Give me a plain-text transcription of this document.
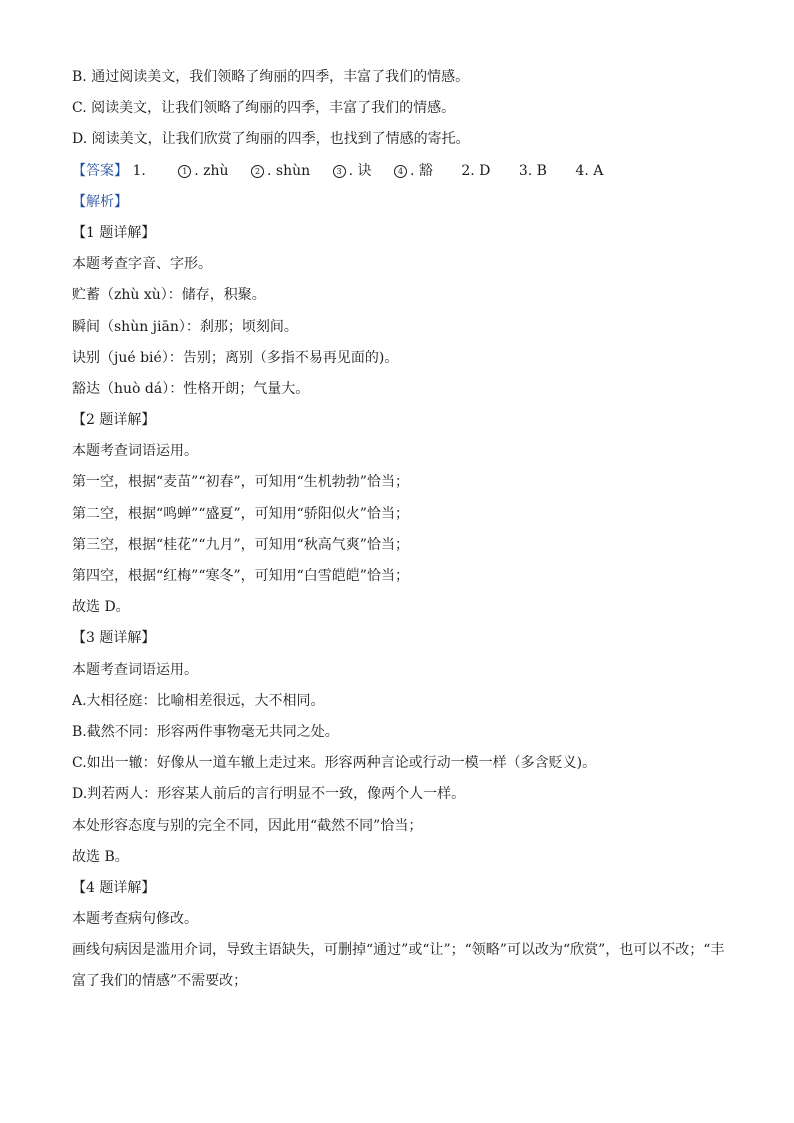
B. 通过阅读美文，我们领略了绚丽的四季，丰富了我们的情感。
C. 阅读美文，让我们领略了绚丽的四季，丰富了我们的情感。
D. 阅读美文，让我们欣赏了绚丽的四季，也找到了情感的寄托。
【答案】 1.	1 . zhù	2 . shùn	3 . 诀	4 . 豁 2. D 3. B 4. A
【解析】
【1 题详解】
本题考查字音、字形。
贮蓄（zhù xù）：储存，积聚。
瞬间（shùn jiān）：刹那；顷刻间。
诀别（jué bié）：告别；离别（多指不易再见面的)。
豁达（huò dá）：性格开朗；气量大。
【2 题详解】
本题考查词语运用。
第一空，根据“麦苗”“初春”，可知用“生机勃勃”恰当；
第二空，根据“鸣蝉”“盛夏”，可知用“骄阳似火”恰当；
第三空，根据“桂花”“九月”，可知用“秋高气爽”恰当；
第四空，根据“红梅”“寒冬”，可知用“白雪皑皑”恰当；
故选 D。
【3 题详解】
本题考查词语运用。
A.大相径庭：比喻相差很远，大不相同。
B.截然不同：形容两件事物毫无共同之处。
C.如出一辙：好像从一道车辙上走过来。形容两种言论或行动一模一样（多含贬义)。
D.判若两人：形容某人前后的言行明显不一致，像两个人一样。
本处形容态度与别的完全不同，因此用“截然不同”恰当；
故选 B。
【4 题详解】
本题考查病句修改。
画线句病因是滥用介词，导致主语缺失，可删掉“通过”或“让”；“领略”可以改为“欣赏”，也可以不改；“丰富了我们的情感”不需要改；
